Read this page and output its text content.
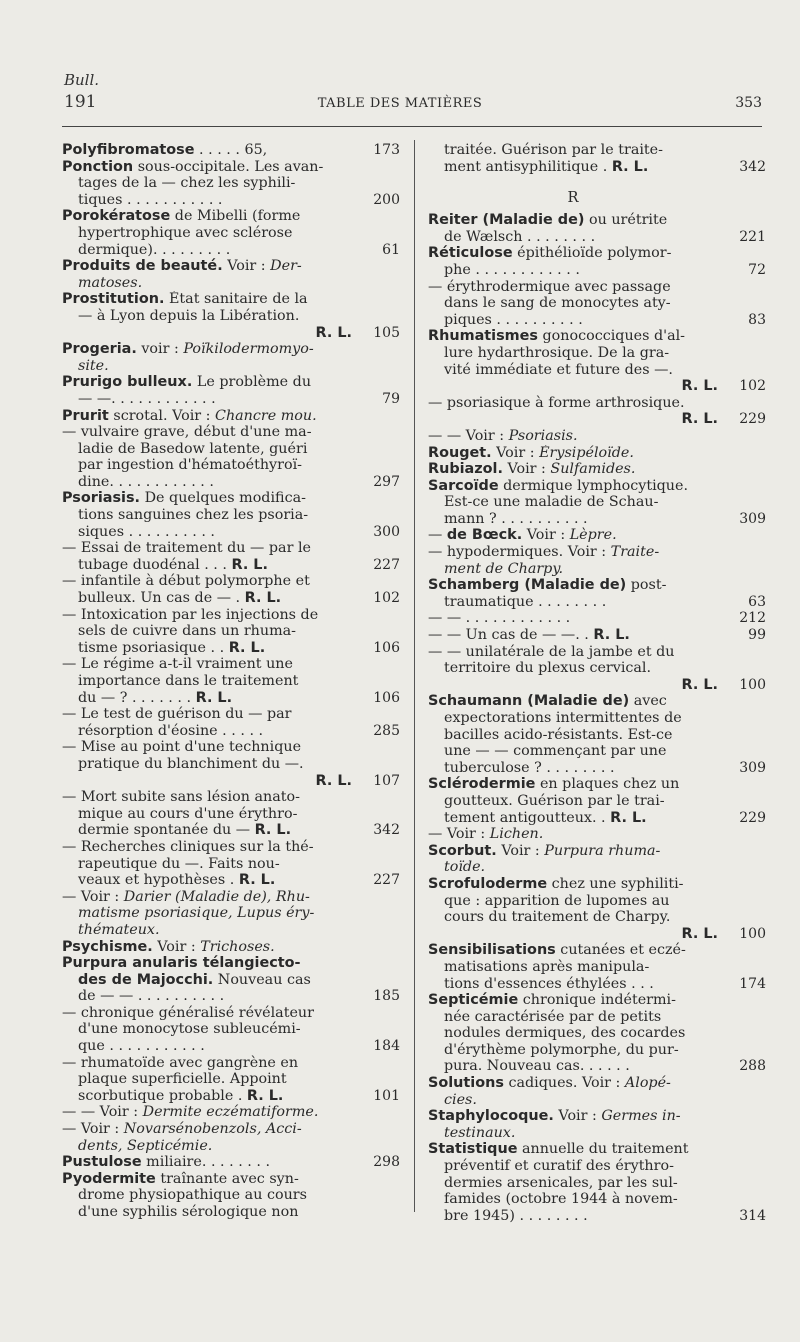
Bull.
191	TABLE DES MATIÈRES	353
Polyfibromatose . . . . . 65,	173
Ponction sous-occipitale. Les avan-
tages de la — chez les syphili-
tiques . . . . . . . . . . .	200
Porokératose de Mibelli (forme
hypertrophique avec sclérose
dermique). . . . . . . . .	61
Produits de beauté. Voir : Der-
matoses.
Prostitution. État sanitaire de la
— à Lyon depuis la Libération.
R. L. 105
Progeria. voir : Poïkilodermomyo-
site.
Prurigo bulleux. Le problème du
— —. . . . . . . . . . . .	79
Prurit scrotal. Voir : Chancre mou.
— vulvaire grave, début d'une ma-
ladie de Basedow latente, guéri
par ingestion d'hématoéthyroï-
dine. . . . . . . . . . . .	297
Psoriasis. De quelques modifica-
tions sanguines chez les psoria-
siques . . . . . . . . . .	300
— Essai de traitement du — par le
tubage duodénal . . . R. L.	227
— infantile à début polymorphe et
bulleux. Un cas de — . R. L.	102
— Intoxication par les injections de
sels de cuivre dans un rhuma-
tisme psoriasique . . R. L.	106
— Le régime a-t-il vraiment une
importance dans le traitement
du — ? . . . . . . . R. L.	106
— Le test de guérison du — par
résorption d'éosine . . . . .	285
— Mise au point d'une technique
pratique du blanchiment du —.
R. L. 107
— Mort subite sans lésion anato-
mique au cours d'une érythro-
dermie spontanée du — R. L.	342
— Recherches cliniques sur la thé-
rapeutique du —. Faits nou-
veaux et hypothèses . R. L.	227
— Voir : Darier (Maladie de), Rhu-
matisme psoriasique, Lupus éry-
thémateux.
Psychisme. Voir : Trichoses.
Purpura anularis télangiecto-
des de Majocchi. Nouveau cas
de — — . . . . . . . . . .	185
— chronique généralisé révélateur
d'une monocytose subleucémi-
que . . . . . . . . . . .	184
— rhumatoïde avec gangrène en
plaque superficielle. Appoint
scorbutique probable . R. L.	101
— — Voir : Dermite eczématiforme.
— Voir : Novarsénobenzols, Acci-
dents, Septicémie.
Pustulose miliaire. . . . . . . .	298
Pyodermite traînante avec syn-
drome physiopathique au cours
d'une syphilis sérologique non
traitée. Guérison par le traite-
ment antisyphilitique . R. L.	342
R
Reiter (Maladie de) ou urétrite
de Wælsch . . . . . . . .	221
Réticulose épithélioïde polymor-
phe . . . . . . . . . . . .	72
— érythrodermique avec passage
dans le sang de monocytes aty-
piques . . . . . . . . . .	83
Rhumatismes gonococciques d'al-
lure hydarthrosique. De la gra-
vité immédiate et future des —.
R. L. 102
— psoriasique à forme arthrosique.
R. L. 229
— — Voir : Psoriasis.
Rouget. Voir : Érysipéloïde.
Rubiazol. Voir : Sulfamides.
Sarcoïde dermique lymphocytique.
Est-ce une maladie de Schau-
mann ? . . . . . . . . . .	309
— de Bœck. Voir : Lèpre.
— hypodermiques. Voir : Traite-
ment de Charpy.
Schamberg (Maladie de) post-
traumatique . . . . . . . .	63
— — . . . . . . . . . . . .	212
— — Un cas de — —. . R. L.	99
— — unilatérale de la jambe et du
territoire du plexus cervical.
R. L. 100
Schaumann (Maladie de) avec
expectorations intermittentes de
bacilles acido-résistants. Est-ce
une — — commençant par une
tuberculose ? . . . . . . . .	309
Sclérodermie en plaques chez un
goutteux. Guérison par le trai-
tement antigoutteux. . R. L.	229
— Voir : Lichen.
Scorbut. Voir : Purpura rhuma-
toïde.
Scrofuloderme chez une syphiliti-
que : apparition de lupomes au
cours du traitement de Charpy.
R. L. 100
Sensibilisations cutanées et eczé-
matisations après manipula-
tions d'essences éthylées . . .	174
Septicémie chronique indétermi-
née caractérisée par de petits
nodules dermiques, des cocardes
d'érythème polymorphe, du pur-
pura. Nouveau cas. . . . . .	288
Solutions cadiques. Voir : Alopé-
cies.
Staphylocoque. Voir : Germes in-
testinaux.
Statistique annuelle du traitement
préventif et curatif des érythro-
dermies arsenicales, par les sul-
famides (octobre 1944 à novem-
bre 1945) . . . . . . . .	314
